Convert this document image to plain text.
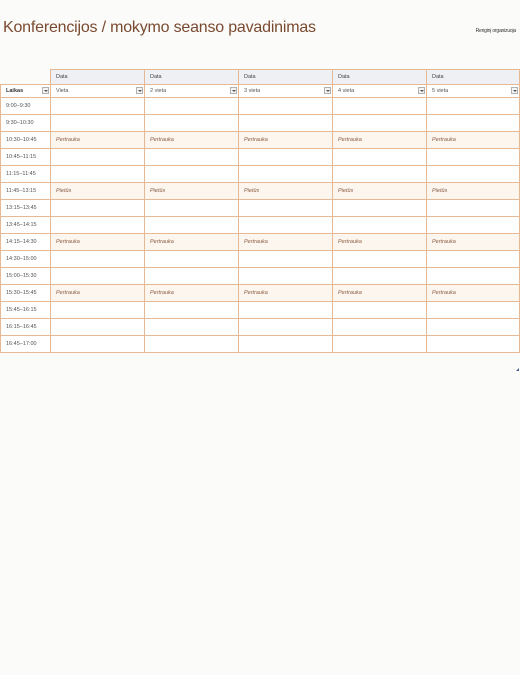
Konferencijos / mokymo seanso pavadinimas	Renginį organizuoja
	Data	Data	Data	Data	Data
Laikas	Vieta	2 vieta	3 vieta	4 vieta	5 vieta

9:00–9:30					
9:30–10:30					
10:30–10:45	Pertrauka	Pertrauka	Pertrauka	Pertrauka	Pertrauka
10:45–11:15					
11:15–11:45					
11:45–13:15	Pietūs	Pietūs	Pietūs	Pietūs	Pietūs
13:15–13:45					
13:45–14:15					
14:15–14:30	Pertrauka	Pertrauka	Pertrauka	Pertrauka	Pertrauka
14:30–15:00					
15:00–15:30					
15:30–15:45	Pertrauka	Pertrauka	Pertrauka	Pertrauka	Pertrauka
15:45–16:15					
16:15–16:45					
16:45–17:00					
